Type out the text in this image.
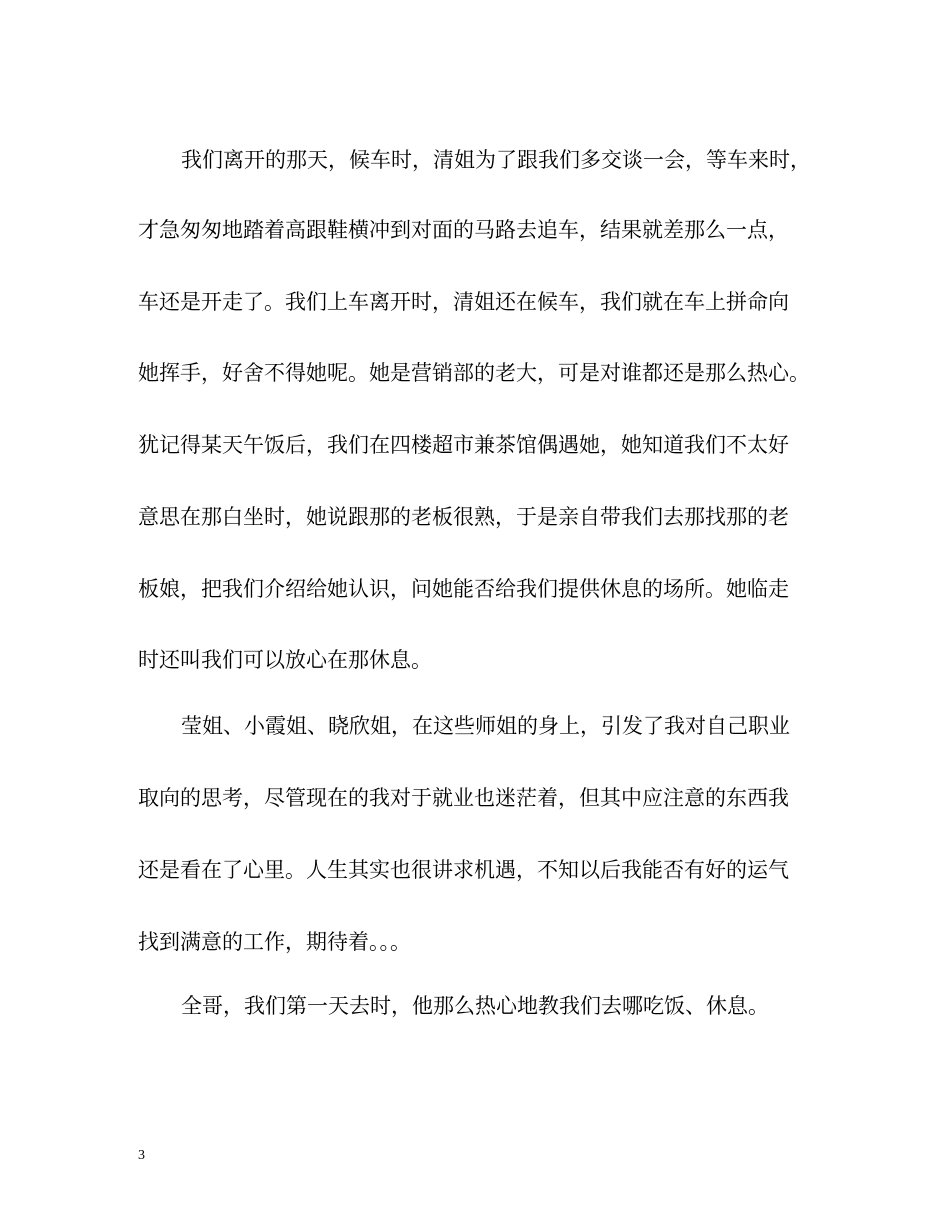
我们离开的那天，候车时，清姐为了跟我们多交谈一会，等车来时，
才急匆匆地踏着高跟鞋横冲到对面的马路去追车，结果就差那么一点，
车还是开走了。我们上车离开时，清姐还在候车，我们就在车上拼命向
她挥手，好舍不得她呢。她是营销部的老大，可是对谁都还是那么热心。
犹记得某天午饭后，我们在四楼超市兼茶馆偶遇她，她知道我们不太好
意思在那白坐时，她说跟那的老板很熟，于是亲自带我们去那找那的老
板娘，把我们介绍给她认识，问她能否给我们提供休息的场所。她临走
时还叫我们可以放心在那休息。
莹姐、小霞姐、晓欣姐，在这些师姐的身上，引发了我对自己职业
取向的思考，尽管现在的我对于就业也迷茫着，但其中应注意的东西我
还是看在了心里。人生其实也很讲求机遇，不知以后我能否有好的运气
找到满意的工作，期待着。。。
全哥，我们第一天去时，他那么热心地教我们去哪吃饭、休息。
3
